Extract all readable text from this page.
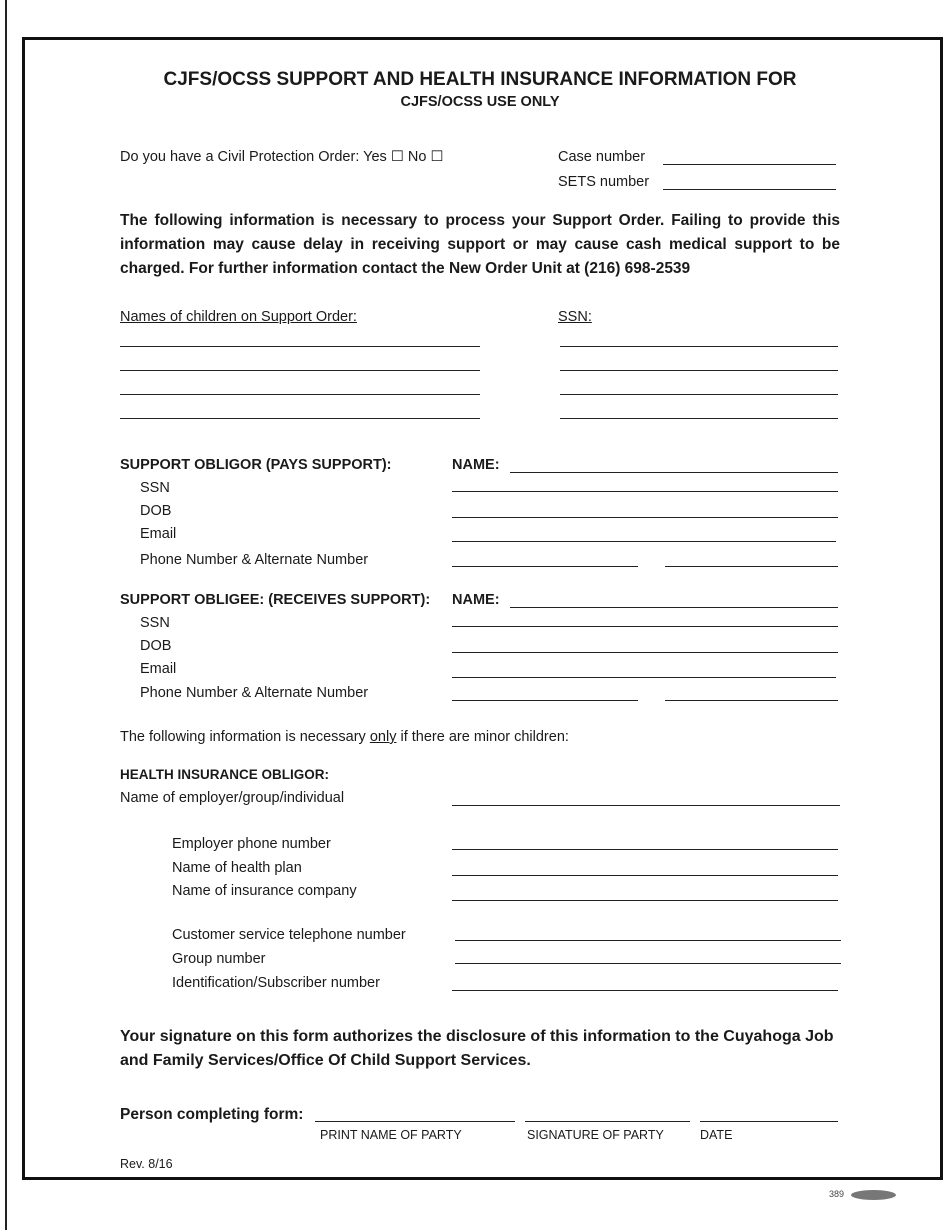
CJFS/OCSS SUPPORT AND HEALTH INSURANCE INFORMATION FOR
CJFS/OCSS USE ONLY
Do you have a Civil Protection Order: Yes ☐ No ☐	Case number
SETS number
The following information is necessary to process your Support Order. Failing to provide this information may cause delay in receiving support or may cause cash medical support to be charged. For further information contact the New Order Unit at (216) 698-2539
Names of children on Support Order:	SSN:
SUPPORT OBLIGOR (PAYS SUPPORT):	NAME:
SSN
DOB
Email
Phone Number & Alternate Number
SUPPORT OBLIGEE: (RECEIVES SUPPORT): NAME:
SSN
DOB
Email
Phone Number & Alternate Number
The following information is necessary only if there are minor children:
HEALTH INSURANCE OBLIGOR:
Name of employer/group/individual
Employer phone number
Name of health plan
Name of insurance company
Customer service telephone number
Group number
Identification/Subscriber number
Your signature on this form authorizes the disclosure of this information to the Cuyahoga Job and Family Services/Office Of Child Support Services.
Person completing form:
PRINT NAME OF PARTY	SIGNATURE OF PARTY	DATE
Rev. 8/16
389
